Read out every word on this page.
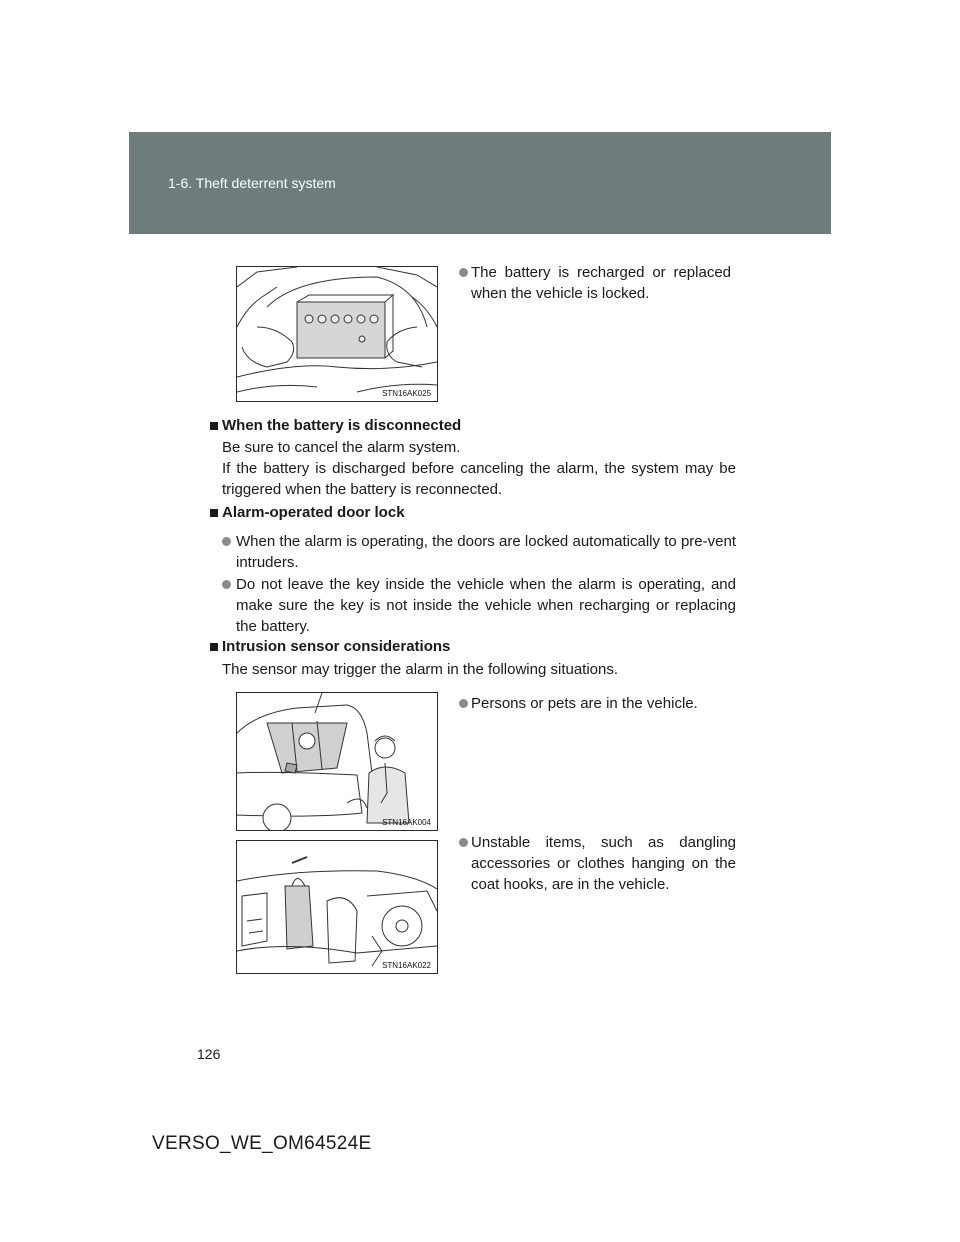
1-6. Theft deterrent system
STN16AK025
The battery is recharged or replaced when the vehicle is locked.
When the battery is disconnected
Be sure to cancel the alarm system.
If the battery is discharged before canceling the alarm, the system may be triggered when the battery is reconnected.
Alarm-operated door lock
When the alarm is operating, the doors are locked automatically to pre-vent intruders.
Do not leave the key inside the vehicle when the alarm is operating, and make sure the key is not inside the vehicle when recharging or replacing the battery.
Intrusion sensor considerations
The sensor may trigger the alarm in the following situations.
STN16AK004
Persons or pets are in the vehicle.
STN16AK022
Unstable items, such as dangling accessories or clothes hanging on the coat hooks, are in the vehicle.
126
VERSO_WE_OM64524E
